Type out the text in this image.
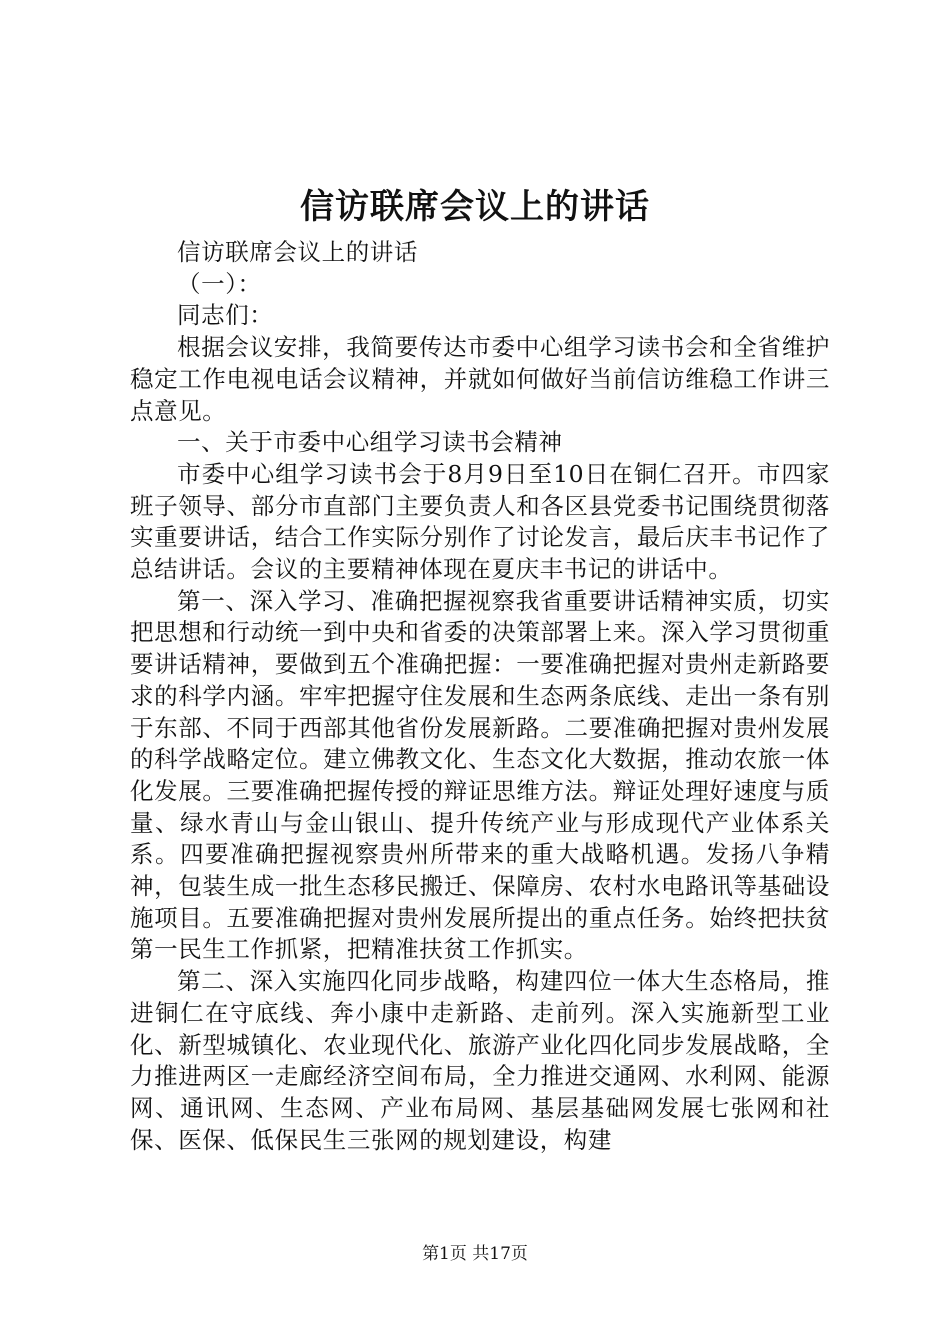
信访联席会议上的讲话

信访联席会议上的讲话

（一）：

同志们：

根据会议安排，我简要传达市委中心组学习读书会和全省维护稳定工作电视电话会议精神，并就如何做好当前信访维稳工作讲三点意见。

一、关于市委中心组学习读书会精神

市委中心组学习读书会于8月9日至10日在铜仁召开。市四家班子领导、部分市直部门主要负责人和各区县党委书记围绕贯彻落实重要讲话，结合工作实际分别作了讨论发言，最后庆丰书记作了总结讲话。会议的主要精神体现在夏庆丰书记的讲话中。

第一、深入学习、准确把握视察我省重要讲话精神实质，切实把思想和行动统一到中央和省委的决策部署上来。深入学习贯彻重要讲话精神，要做到五个准确把握：一要准确把握对贵州走新路要求的科学内涵。牢牢把握守住发展和生态两条底线、走出一条有别于东部、不同于西部其他省份发展新路。二要准确把握对贵州发展的科学战略定位。建立佛教文化、生态文化大数据，推动农旅一体化发展。三要准确把握传授的辩证思维方法。辩证处理好速度与质量、绿水青山与金山银山、提升传统产业与形成现代产业体系关系。四要准确把握视察贵州所带来的重大战略机遇。发扬八争精神，包装生成一批生态移民搬迁、保障房、农村水电路讯等基础设施项目。五要准确把握对贵州发展所提出的重点任务。始终把扶贫第一民生工作抓紧，把精准扶贫工作抓实。

第二、深入实施四化同步战略，构建四位一体大生态格局，推进铜仁在守底线、奔小康中走新路、走前列。深入实施新型工业化、新型城镇化、农业现代化、旅游产业化四化同步发展战略，全力推进两区一走廊经济空间布局，全力推进交通网、水利网、能源网、通讯网、生态网、产业布局网、基层基础网发展七张网和社保、医保、低保民生三张网的规划建设，构建

第1页 共17页
